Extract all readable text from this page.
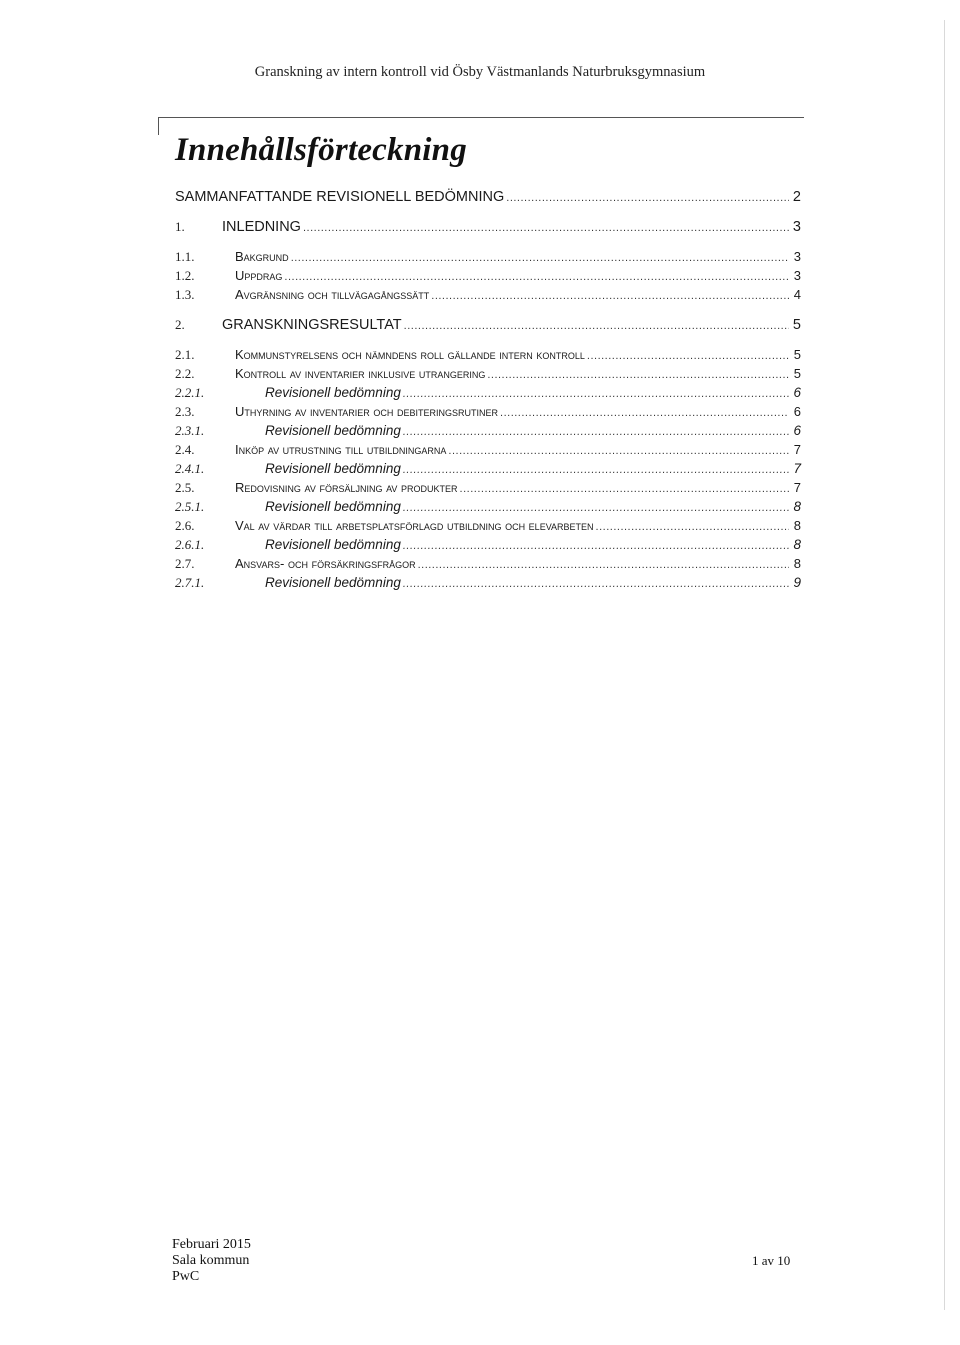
Granskning av intern kontroll vid Ösby Västmanlands Naturbruksgymnasium
Innehållsförteckning
SAMMANFATTANDE REVISIONELL BEDÖMNING .....	2
1.	INLEDNING .....	3
1.1.	Bakgrund .....	3
1.2.	Uppdrag .....	3
1.3.	Avgränsning och tillvägagångssätt .....	4
2.	GRANSKNINGSRESULTAT .....	5
2.1.	Kommunstyrelsens och nämndens roll gällande intern kontroll .....	5
2.2.	Kontroll av inventarier inklusive utrangering .....	5
2.2.1.	Revisionell bedömning .....	6
2.3.	Uthyrning av inventarier och debiteringsrutiner .....	6
2.3.1.	Revisionell bedömning .....	6
2.4.	Inköp av utrustning till utbildningarna .....	7
2.4.1.	Revisionell bedömning .....	7
2.5.	Redovisning av försäljning av produkter .....	7
2.5.1.	Revisionell bedömning .....	8
2.6.	Val av värdar till arbetsplatsförlagd utbildning och elevarbeten .....	8
2.6.1.	Revisionell bedömning .....	8
2.7.	Ansvars- och försäkringsfrågor .....	8
2.7.1.	Revisionell bedömning .....	9
Februari 2015
Sala kommun
PwC
1 av 10
